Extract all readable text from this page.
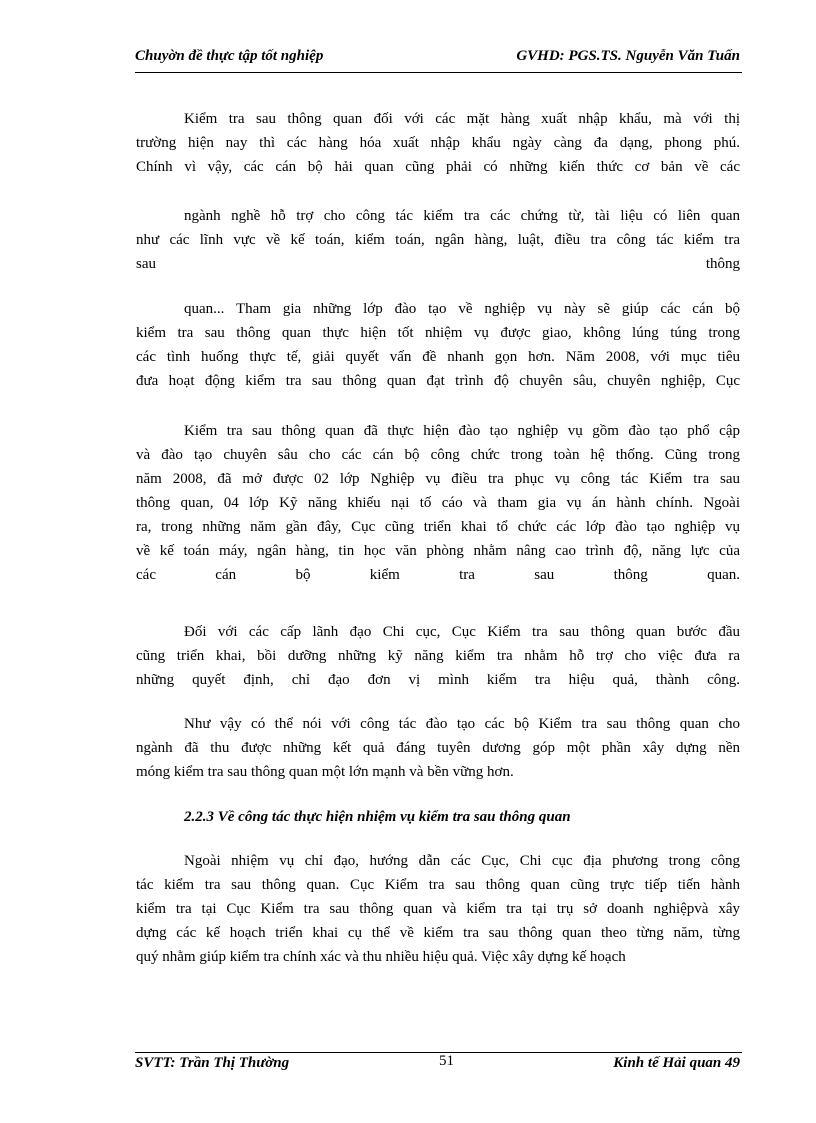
Chuyờn đề thực tập tốt nghiệp	GVHD: PGS.TS. Nguyễn Văn Tuấn

Kiểm tra sau thông quan đối với các mặt hàng xuất nhập khẩu, mà với thị
trường hiện nay thì các hàng hóa xuất nhập khẩu ngày càng đa dạng, phong phú.
Chính vì vậy, các cán bộ hải quan cũng phải có những kiến thức cơ bản về các

ngành nghề hỗ trợ cho công tác kiểm tra các chứng từ, tài liệu có liên quan
như các lĩnh vực về kế toán, kiểm toán, ngân hàng, luật, điều tra công tác kiểm tra
sau	thông

quan... Tham gia những lớp đào tạo về nghiệp vụ này sẽ giúp các cán bộ
kiểm tra sau thông quan thực hiện tốt nhiệm vụ được giao, không lúng túng trong
các tình huống thực tế, giải quyết vấn đề nhanh gọn hơn. Năm 2008, với mục tiêu
đưa hoạt động kiểm tra sau thông quan đạt trình độ chuyên sâu, chuyên nghiệp, Cục

Kiểm tra sau thông quan đã thực hiện đào tạo nghiệp vụ gồm đào tạo phổ cập
và đào tạo chuyên sâu cho các cán bộ công chức trong toàn hệ thống. Cũng trong
năm 2008, đã mở được 02 lớp Nghiệp vụ điều tra phục vụ công tác Kiểm tra sau
thông quan, 04 lớp Kỹ năng khiếu nại tố cáo và tham gia vụ án hành chính. Ngoài
ra, trong những năm gần đây, Cục cũng triển khai tổ chức các lớp đào tạo nghiệp vụ
về kế toán máy, ngân hàng, tin học văn phòng nhằm nâng cao trình độ, năng lực của
các cán bộ kiểm tra sau thông quan.

Đối với các cấp lãnh đạo Chi cục, Cục Kiểm tra sau thông quan bước đầu
cũng triển khai, bồi dưỡng những kỹ năng kiểm tra nhằm hỗ trợ cho việc đưa ra
những quyết định, chỉ đạo đơn vị mình kiểm tra hiệu quả, thành công.

Như vậy có thể nói với công tác đào tạo các bộ Kiểm tra sau thông quan cho
ngành đã thu được những kết quả đáng tuyên dương góp một phần xây dựng nền
móng kiểm tra sau thông quan một lớn mạnh và bền vững hơn.

2.2.3 Về công tác thực hiện nhiệm vụ kiểm tra sau thông quan

Ngoài nhiệm vụ chỉ đạo, hướng dẫn các Cục, Chi cục địa phương trong công
tác kiểm tra sau thông quan. Cục Kiểm tra sau thông quan cũng trực tiếp tiến hành
kiểm tra tại Cục Kiểm tra sau thông quan và kiểm tra tại trụ sở doanh nghiệpvà xây
dựng các kế hoạch triển khai cụ thể về kiểm tra sau thông quan theo từng năm, từng
quý nhằm giúp kiểm tra chính xác và thu nhiều hiệu quả. Việc xây dựng kế hoạch

SVTT: Trần Thị Thường	51	Kinh tế Hải quan 49
